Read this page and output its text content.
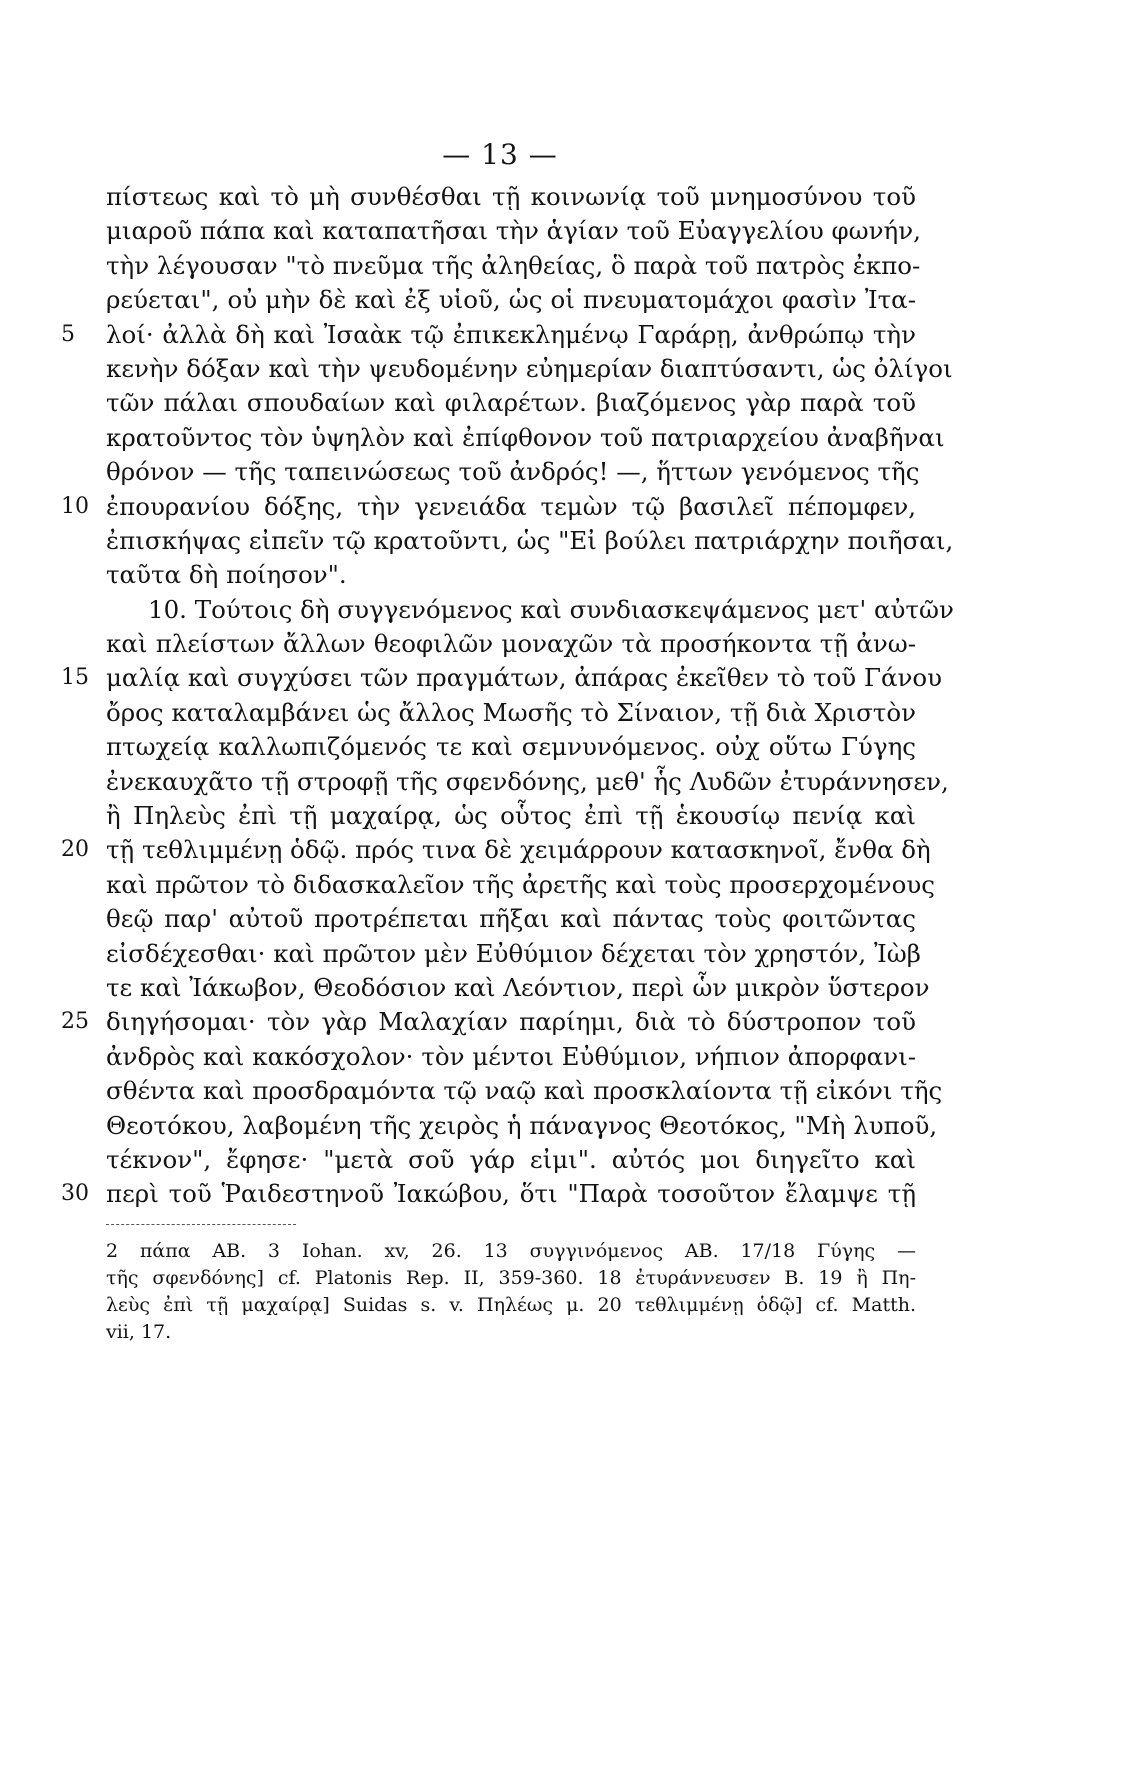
— 13 —
πίστεως καὶ τὸ μὴ συνθέσθαι τῇ κοινωνίᾳ τοῦ μνημοσύνου τοῦ
μιαροῦ πάπα καὶ καταπατῆσαι τὴν ἁγίαν τοῦ Εὐαγγελίου φωνήν,
τὴν λέγουσαν "τὸ πνεῦμα τῆς ἀληθείας, ὃ παρὰ τοῦ πατρὸς ἐκπο-
ρεύεται", οὐ μὴν δὲ καὶ ἐξ υἱοῦ, ὡς οἱ πνευματομάχοι φασὶν Ἰτα-
5	λοί· ἀλλὰ δὴ καὶ Ἰσαὰκ τῷ ἐπικεκλημένῳ Γαράρῃ, ἀνθρώπῳ τὴν
κενὴν δόξαν καὶ τὴν ψευδομένην εὐημερίαν διαπτύσαντι, ὡς ὀλίγοι
τῶν πάλαι σπουδαίων καὶ φιλαρέτων. βιαζόμενος γὰρ παρὰ τοῦ
κρατοῦντος τὸν ὑψηλὸν καὶ ἐπίφθονον τοῦ πατριαρχείου ἀναβῆναι
θρόνον — τῆς ταπεινώσεως τοῦ ἀνδρός! —, ἥττων γενόμενος τῆς
10 ἐπουρανίου δόξης, τὴν γενειάδα τεμὼν τῷ βασιλεῖ πέπομφεν,
ἐπισκήψας εἰπεῖν τῷ κρατοῦντι, ὡς "Εἰ βούλει πατριάρχην ποιῆσαι,
ταῦτα δὴ ποίησον".
10. Τούτοις δὴ συγγενόμενος καὶ συνδιασκεψάμενος μετ' αὐτῶν
καὶ πλείστων ἄλλων θεοφιλῶν μοναχῶν τὰ προσήκοντα τῇ ἀνω-
15 μαλίᾳ καὶ συγχύσει τῶν πραγμάτων, ἀπάρας ἐκεῖθεν τὸ τοῦ Γάνου
ὄρος καταλαμβάνει ὡς ἄλλος Μωσῆς τὸ Σίναιον, τῇ διὰ Χριστὸν
πτωχείᾳ καλλωπιζόμενός τε καὶ σεμνυνόμενος. οὐχ οὕτω Γύγης
ἐνεκαυχᾶτο τῇ στροφῇ τῆς σφενδόνης, μεθ' ἧς Λυδῶν ἐτυράννησεν,
ἢ Πηλεὺς ἐπὶ τῇ μαχαίρᾳ, ὡς οὗτος ἐπὶ τῇ ἑκουσίῳ πενίᾳ καὶ
20 τῇ τεθλιμμένῃ ὁδῷ. πρός τινα δὲ χειμάρρουν κατασκηνοῖ, ἔνθα δὴ
καὶ πρῶτον τὸ διδασκαλεῖον τῆς ἀρετῆς καὶ τοὺς προσερχομένους
θεῷ παρ' αὐτοῦ προτρέπεται πῆξαι καὶ πάντας τοὺς φοιτῶντας
εἰσδέχεσθαι· καὶ πρῶτον μὲν Εὐθύμιον δέχεται τὸν χρηστόν, Ἰὼβ
τε καὶ Ἰάκωβον, Θεοδόσιον καὶ Λεόντιον, περὶ ὧν μικρὸν ὕστερον
25 διηγήσομαι· τὸν γὰρ Μαλαχίαν παρίημι, διὰ τὸ δύστροπον τοῦ
ἀνδρὸς καὶ κακόσχολον· τὸν μέντοι Εὐθύμιον, νήπιον ἀπορφανι-
σθέντα καὶ προσδραμόντα τῷ ναῷ καὶ προσκλαίοντα τῇ εἰκόνι τῆς
Θεοτόκου, λαβομένη τῆς χειρὸς ἡ πάναγνος Θεοτόκος, "Μὴ λυποῦ,
τέκνον", ἔφησε· "μετὰ σοῦ γάρ εἰμι". αὐτός μοι διηγεῖτο καὶ
30 περὶ τοῦ Ῥαιδεστηνοῦ Ἰακώβου, ὅτι "Παρὰ τοσοῦτον ἔλαμψε τῇ
2 πάπα AB. 3 Iohan. xv, 26. 13 συγγινόμενος AB. 17/18 Γύγης —
τῆς σφενδόνης] cf. Platonis Rep. II, 359-360. 18 ἐτυράννευσεν B. 19 ἢ Πη-
λεὺς ἐπὶ τῇ μαχαίρᾳ] Suidas s. v. Πηλέως μ. 20 τεθλιμμένῃ ὁδῷ] cf. Matth.
vii, 17.
